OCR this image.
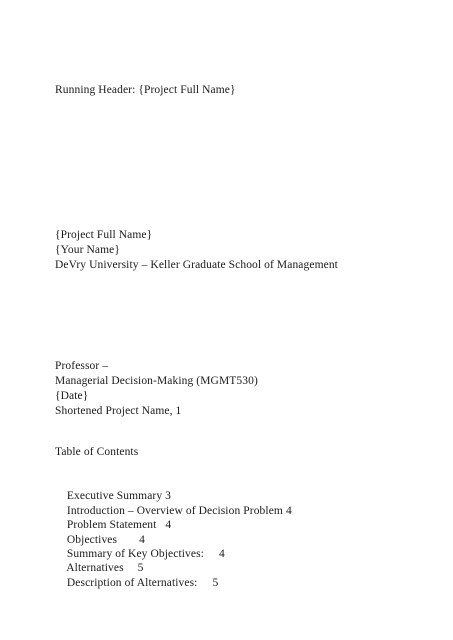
Running Header: {Project Full Name}
{Project Full Name}
{Your Name}
DeVry University – Keller Graduate School of Management
Professor –
Managerial Decision-Making (MGMT530)
{Date}
Shortened Project Name, 1
Table of Contents

Executive Summary 3

Introduction – Overview of Decision Problem 4

Problem Statement 4

Objectives 4

Summary of Key Objectives: 4

Alternatives 5

Description of Alternatives: 5
